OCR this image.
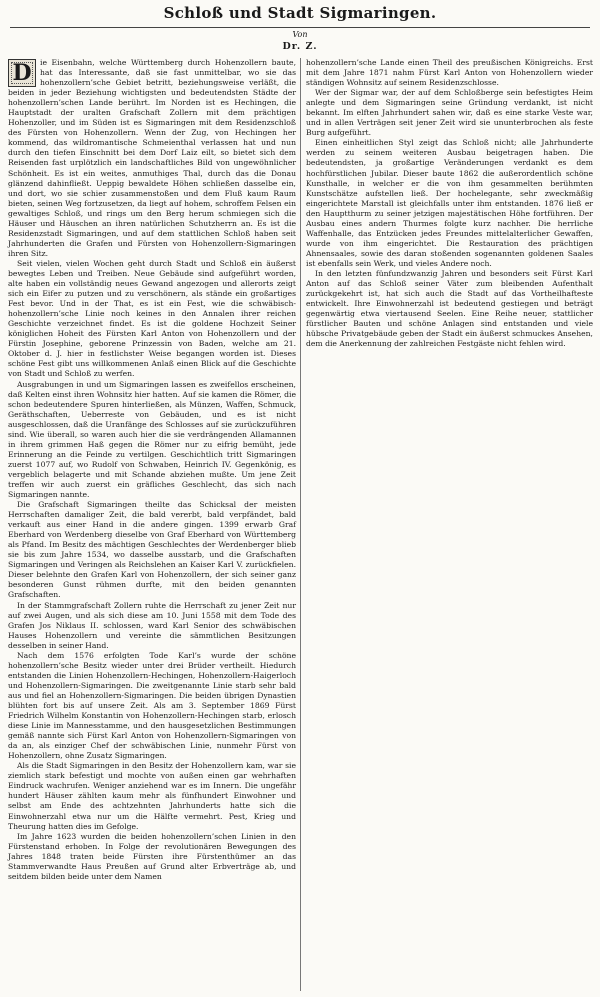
Schloß und Stadt Sigmaringen.
Von
Dr. Z.

D	ie Eisenbahn, welche Württemberg durch Hohenzollern baute, hat das Interessante, daß sie fast unmittelbar, wo sie das hohenzollern’sche Gebiet betritt, beziehungsweise verläßt, die beiden in jeder Beziehung wichtigsten und bedeutendsten Städte der hohenzollern’schen Lande berührt. Im Norden ist es Hechingen, die Hauptstadt der uralten Grafschaft Zollern mit dem prächtigen Hohenzoller, und im Süden ist es Sigmaringen mit dem Residenzschloß des Fürsten von Hohenzollern. Wenn der Zug, von Hechingen her kommend, das wildromantische Schmeienthal verlassen hat und nun durch den tiefen Einschnitt bei dem Dorf Laiz eilt, so bietet sich dem Reisenden fast urplötzlich ein landschaftliches Bild von ungewöhnlicher Schönheit. Es ist ein weites, anmuthiges Thal, durch das die Donau glänzend dahinfließt. Ueppig bewaldete Höhen schließen dasselbe ein, und dort, wo sie schier zusammenstoßen und dem Fluß kaum Raum bieten, seinen Weg fortzusetzen, da liegt auf hohem, schroffem Felsen ein gewaltiges Schloß, und rings um den Berg herum schmiegen sich die Häuser und Häuschen an ihren natürlichen Schutzherrn an. Es ist die Residenzstadt Sigmaringen, und auf dem stattlichen Schloß haben seit Jahrhunderten die Grafen und Fürsten von Hohenzollern-Sigmaringen ihren Sitz.

Seit vielen, vielen Wochen geht durch Stadt und Schloß ein äußerst bewegtes Leben und Treiben. Neue Gebäude sind aufgeführt worden, alte haben ein vollständig neues Gewand angezogen und allerorts zeigt sich ein Eifer zu putzen und zu verschönern, als stände ein großartiges Fest bevor. Und in der That, es ist ein Fest, wie die schwäbisch-hohenzollern’sche Linie noch keines in den Annalen ihrer reichen Geschichte verzeichnet findet. Es ist die goldene Hochzeit Seiner königlichen Hoheit des Fürsten Karl Anton von Hohenzollern und der Fürstin Josephine, geborene Prinzessin von Baden, welche am 21. Oktober d. J. hier in festlichster Weise begangen worden ist. Dieses schöne Fest gibt uns willkommenen Anlaß einen Blick auf die Geschichte von Stadt und Schloß zu werfen.

Ausgrabungen in und um Sigmaringen lassen es zweifellos erscheinen, daß Kelten einst ihren Wohnsitz hier hatten. Auf sie kamen die Römer, die schon bedeutendere Spuren hinterließen, als Münzen, Waffen, Schmuck, Geräthschaften, Ueberreste von Gebäuden, und es ist nicht ausgeschlossen, daß die Uranfänge des Schlosses auf sie zurückzuführen sind. Wie überall, so waren auch hier die sie verdrängenden Allamannen in ihrem grimmen Haß gegen die Römer nur zu eifrig bemüht, jede Erinnerung an die Feinde zu vertilgen. Geschichtlich tritt Sigmaringen zuerst 1077 auf, wo Rudolf von Schwaben, Heinrich IV. Gegenkönig, es vergeblich belagerte und mit Schande abziehen mußte. Um jene Zeit treffen wir auch zuerst ein gräfliches Geschlecht, das sich nach Sigmaringen nannte.

Die Grafschaft Sigmaringen theilte das Schicksal der meisten Herrschaften damaliger Zeit, die bald vererbt, bald verpfändet, bald verkauft aus einer Hand in die andere gingen. 1399 erwarb Graf Eberhard von Werdenberg dieselbe von Graf Eberhard von Württemberg als Pfand. Im Besitz des mächtigen Geschlechtes der Werdenberger blieb sie bis zum Jahre 1534, wo dasselbe ausstarb, und die Grafschaften Sigmaringen und Veringen als Reichslehen an Kaiser Karl V. zurückfielen. Dieser belehnte den Grafen Karl von Hohenzollern, der sich seiner ganz besonderen Gunst rühmen durfte, mit den beiden genannten Grafschaften.

In der Stammgrafschaft Zollern ruhte die Herrschaft zu jener Zeit nur auf zwei Augen, und als sich diese am 10. Juni 1558 mit dem Tode des Grafen Jos Niklaus II. schlossen, ward Karl Senior des schwäbischen Hauses Hohenzollern und vereinte die sämmtlichen Besitzungen desselben in seiner Hand.

Nach dem 1576 erfolgten Tode Karl’s wurde der schöne hohenzollern’sche Besitz wieder unter drei Brüder vertheilt. Hiedurch entstanden die Linien Hohenzollern-Hechingen, Hohenzollern-Haigerloch und Hohenzollern-Sigmaringen. Die zweitgenannte Linie starb sehr bald aus und fiel an Hohenzollern-Sigmaringen. Die beiden übrigen Dynastien blühten fort bis auf unsere Zeit. Als am 3. September 1869 Fürst Friedrich Wilhelm Konstantin von Hohenzollern-Hechingen starb, erlosch diese Linie im Mannesstamme, und den hausgesetzlichen Bestimmungen gemäß nannte sich Fürst Karl Anton von Hohenzollern-Sigmaringen von da an, als einziger Chef der schwäbischen Linie, nunmehr Fürst von Hohenzollern, ohne Zusatz Sigmaringen.

Als die Stadt Sigmaringen in den Besitz der Hohenzollern kam, war sie ziemlich stark befestigt und mochte von außen einen gar wehrhaften Eindruck wachrufen. Weniger anziehend war es im Innern. Die ungefähr hundert Häuser zählten kaum mehr als fünfhundert Einwohner und selbst am Ende des achtzehnten Jahrhunderts hatte sich die Einwohnerzahl etwa nur um die Hälfte vermehrt. Pest, Krieg und Theurung hatten dies im Gefolge.

Im Jahre 1623 wurden die beiden hohenzollern’schen Linien in den Fürstenstand erhoben. In Folge der revolutionären Bewegungen des Jahres 1848 traten beide Fürsten ihre Fürstenthümer an das Stammverwandte Haus Preußen auf Grund alter Erbverträge ab, und seitdem bilden beide unter dem Namen

hohenzollern’sche Lande einen Theil des preußischen Königreichs. Erst mit dem Jahre 1871 nahm Fürst Karl Anton von Hohenzollern wieder ständigen Wohnsitz auf seinem Residenzschlosse.

Wer der Sigmar war, der auf dem Schloßberge sein befestigtes Heim anlegte und dem Sigmaringen seine Gründung verdankt, ist nicht bekannt. Im elften Jahrhundert sahen wir, daß es eine starke Veste war, und in allen Verträgen seit jener Zeit wird sie ununterbrochen als feste Burg aufgeführt.

Einen einheitlichen Styl zeigt das Schloß nicht; alle Jahrhunderte werden zu seinem weiteren Ausbau beigetragen haben. Die bedeutendsten, ja großartige Veränderungen verdankt es dem hochfürstlichen Jubilar. Dieser baute 1862 die außerordentlich schöne Kunsthalle, in welcher er die von ihm gesammelten berühmten Kunstschätze aufstellen ließ. Der hochelegante, sehr zweckmäßig eingerichtete Marstall ist gleichfalls unter ihm entstanden. 1876 ließ er den Hauptthurm zu seiner jetzigen majestätischen Höhe fortführen. Der Ausbau eines andern Thurmes folgte kurz nachher. Die herrliche Waffenhalle, das Entzücken jedes Freundes mittelalterlicher Gewaffen, wurde von ihm eingerichtet. Die Restauration des prächtigen Ahnensaales, sowie des daran stoßenden sogenannten goldenen Saales ist ebenfalls sein Werk, und vieles Andere noch.

In den letzten fünfundzwanzig Jahren und besonders seit Fürst Karl Anton auf das Schloß seiner Väter zum bleibenden Aufenthalt zurückgekehrt ist, hat sich auch die Stadt auf das Vortheilhafteste entwickelt. Ihre Einwohnerzahl ist bedeutend gestiegen und beträgt gegenwärtig etwa viertausend Seelen. Eine Reihe neuer, stattlicher fürstlicher Bauten und schöne Anlagen sind entstanden und viele hübsche Privatgebäude geben der Stadt ein äußerst schmuckes Ansehen, dem die Anerkennung der zahlreichen Festgäste nicht fehlen wird.
